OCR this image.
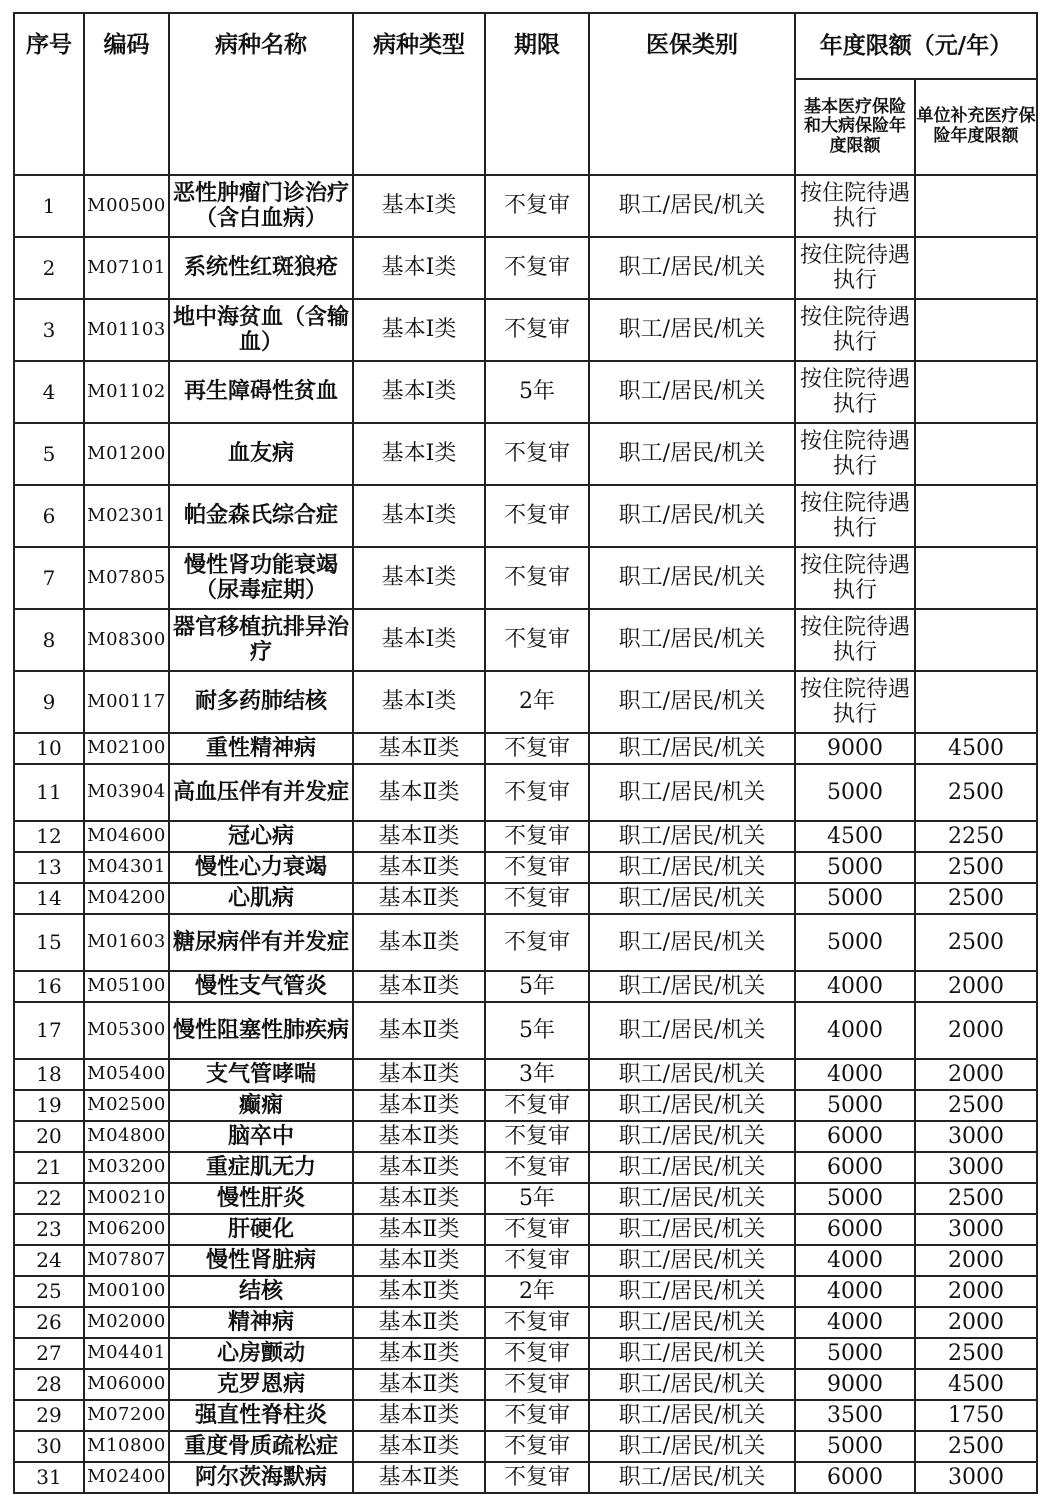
序号	编码	病种名称	病种类型	期限	医保类别	年度限额（元/年）	
						基本医疗保险和大病保险年度限额	单位补充医疗保险年度限额
1	M00500	恶性肿瘤门诊治疗（含白血病）	基本Ⅰ类	不复审	职工/居民/机关	按住院待遇执行	
2	M07101	系统性红斑狼疮	基本Ⅰ类	不复审	职工/居民/机关	按住院待遇执行	
3	M01103	地中海贫血（含输血）	基本Ⅰ类	不复审	职工/居民/机关	按住院待遇执行	
4	M01102	再生障碍性贫血	基本Ⅰ类	5年	职工/居民/机关	按住院待遇执行	
5	M01200	血友病	基本Ⅰ类	不复审	职工/居民/机关	按住院待遇执行	
6	M02301	帕金森氏综合症	基本Ⅰ类	不复审	职工/居民/机关	按住院待遇执行	
7	M07805	慢性肾功能衰竭（尿毒症期）	基本Ⅰ类	不复审	职工/居民/机关	按住院待遇执行	
8	M08300	器官移植抗排异治疗	基本Ⅰ类	不复审	职工/居民/机关	按住院待遇执行	
9	M00117	耐多药肺结核	基本Ⅰ类	2年	职工/居民/机关	按住院待遇执行	
10	M02100	重性精神病	基本Ⅱ类	不复审	职工/居民/机关	9000	4500
11	M03904	高血压伴有并发症	基本Ⅱ类	不复审	职工/居民/机关	5000	2500
12	M04600	冠心病	基本Ⅱ类	不复审	职工/居民/机关	4500	2250
13	M04301	慢性心力衰竭	基本Ⅱ类	不复审	职工/居民/机关	5000	2500
14	M04200	心肌病	基本Ⅱ类	不复审	职工/居民/机关	5000	2500
15	M01603	糖尿病伴有并发症	基本Ⅱ类	不复审	职工/居民/机关	5000	2500
16	M05100	慢性支气管炎	基本Ⅱ类	5年	职工/居民/机关	4000	2000
17	M05300	慢性阻塞性肺疾病	基本Ⅱ类	5年	职工/居民/机关	4000	2000
18	M05400	支气管哮喘	基本Ⅱ类	3年	职工/居民/机关	4000	2000
19	M02500	癫痫	基本Ⅱ类	不复审	职工/居民/机关	5000	2500
20	M04800	脑卒中	基本Ⅱ类	不复审	职工/居民/机关	6000	3000
21	M03200	重症肌无力	基本Ⅱ类	不复审	职工/居民/机关	6000	3000
22	M00210	慢性肝炎	基本Ⅱ类	5年	职工/居民/机关	5000	2500
23	M06200	肝硬化	基本Ⅱ类	不复审	职工/居民/机关	6000	3000
24	M07807	慢性肾脏病	基本Ⅱ类	不复审	职工/居民/机关	4000	2000
25	M00100	结核	基本Ⅱ类	2年	职工/居民/机关	4000	2000
26	M02000	精神病	基本Ⅱ类	不复审	职工/居民/机关	4000	2000
27	M04401	心房颤动	基本Ⅱ类	不复审	职工/居民/机关	5000	2500
28	M06000	克罗恩病	基本Ⅱ类	不复审	职工/居民/机关	9000	4500
29	M07200	强直性脊柱炎	基本Ⅱ类	不复审	职工/居民/机关	3500	1750
30	M10800	重度骨质疏松症	基本Ⅱ类	不复审	职工/居民/机关	5000	2500
31	M02400	阿尔茨海默病	基本Ⅱ类	不复审	职工/居民/机关	6000	3000
